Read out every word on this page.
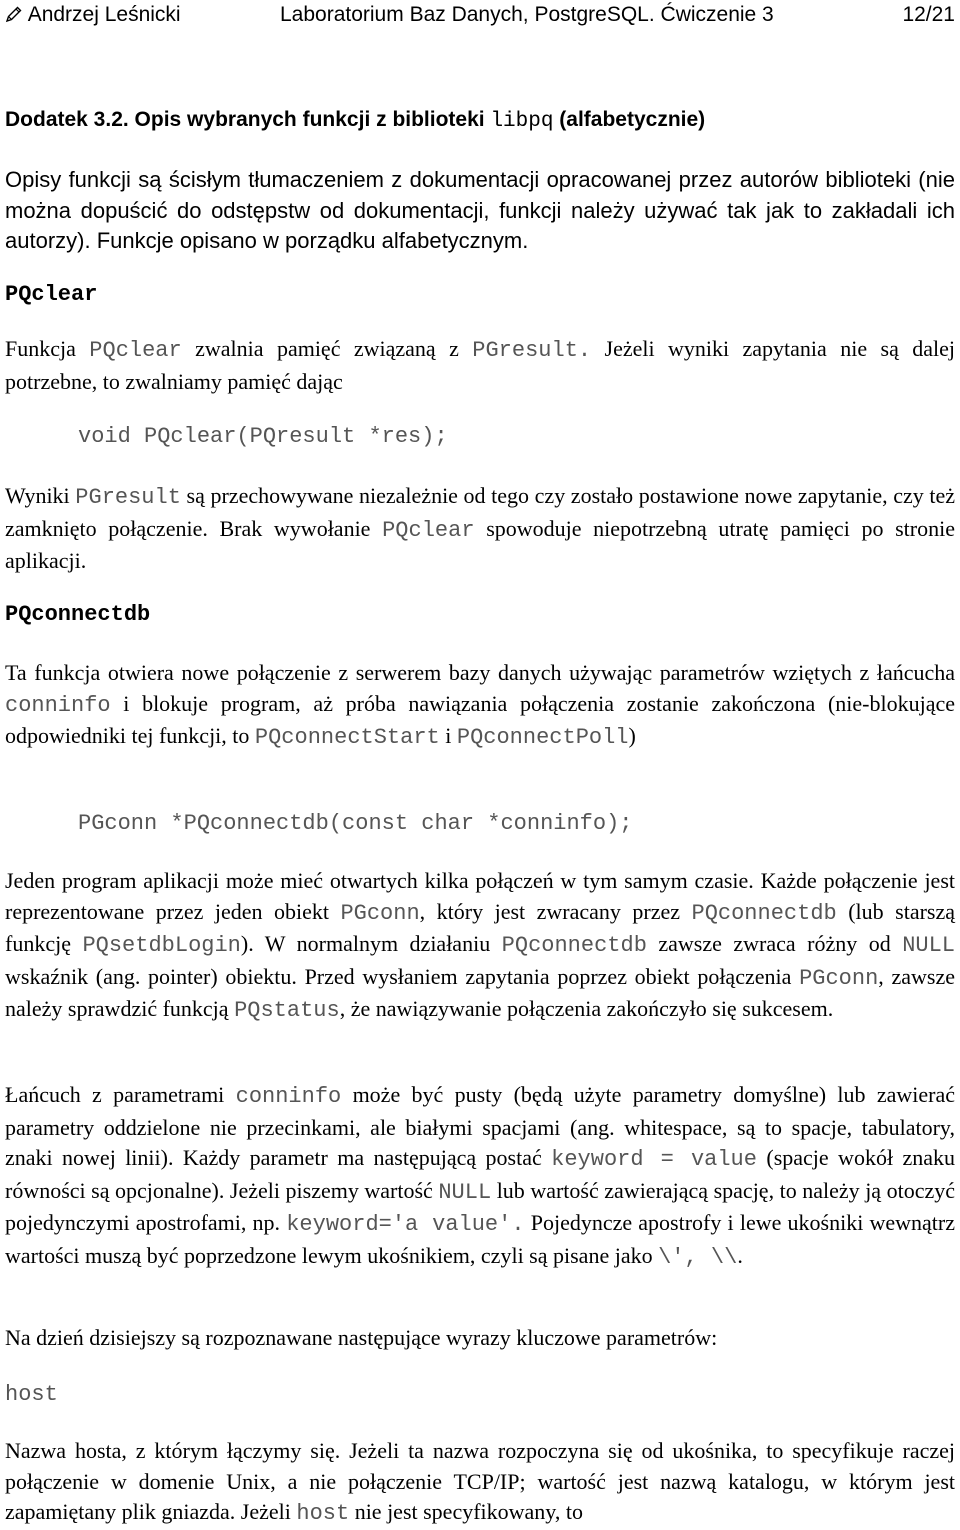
Andrzej Leśnicki	Laboratorium Baz Danych, PostgreSQL. Ćwiczenie 3	12/21
Dodatek 3.2. Opis wybranych funkcji z biblioteki libpq (alfabetycznie)

Opisy funkcji są ścisłym tłumaczeniem z dokumentacji opracowanej przez autorów biblioteki (nie można dopuścić do odstępstw od dokumentacji, funkcji należy używać tak jak to zakładali ich autorzy). Funkcje opisano w porządku alfabetycznym.

PQclear

Funkcja PQclear zwalnia pamięć związaną z PGresult. Jeżeli wyniki zapytania nie są dalej potrzebne, to zwalniamy pamięć dając

void PQclear(PQresult *res);

Wyniki PGresult są przechowywane niezależnie od tego czy zostało postawione nowe zapytanie, czy też zamknięto połączenie. Brak wywołanie PQclear spowoduje niepotrzebną utratę pamięci po stronie aplikacji.

PQconnectdb

Ta funkcja otwiera nowe połączenie z serwerem bazy danych używając parametrów wziętych z łańcucha conninfo i blokuje program, aż próba nawiązania połączenia zostanie zakończona (nie-blokujące odpowiedniki tej funkcji, to PQconnectStart i PQconnectPoll)

PGconn *PQconnectdb(const char *conninfo);

Jeden program aplikacji może mieć otwartych kilka połączeń w tym samym czasie. Każde połączenie jest reprezentowane przez jeden obiekt PGconn, który jest zwracany przez PQconnectdb (lub starszą funkcję PQsetdbLogin). W normalnym działaniu PQconnectdb zawsze zwraca różny od NULL wskaźnik (ang. pointer) obiektu. Przed wysłaniem zapytania poprzez obiekt połączenia PGconn, zawsze należy sprawdzić funkcją PQstatus, że nawiązywanie połączenia zakończyło się sukcesem.

Łańcuch z parametrami conninfo może być pusty (będą użyte parametry domyślne) lub zawierać parametry oddzielone nie przecinkami, ale białymi spacjami (ang. whitespace, są to spacje, tabulatory, znaki nowej linii). Każdy parametr ma następującą postać keyword = value (spacje wokół znaku równości są opcjonalne). Jeżeli piszemy wartość NULL lub wartość zawierającą spację, to należy ją otoczyć pojedynczymi apostrofami, np. keyword='a value'. Pojedyncze apostrofy i lewe ukośniki wewnątrz wartości muszą być poprzedzone lewym ukośnikiem, czyli są pisane jako \', \\.

Na dzień dzisiejszy są rozpoznawane następujące wyrazy kluczowe parametrów:

host

Nazwa hosta, z którym łączymy się. Jeżeli ta nazwa rozpoczyna się od ukośnika, to specyfikuje raczej połączenie w domenie Unix, a nie połączenie TCP/IP; wartość jest nazwą katalogu, w którym jest zapamiętany plik gniazda. Jeżeli host nie jest specyfikowany, to
